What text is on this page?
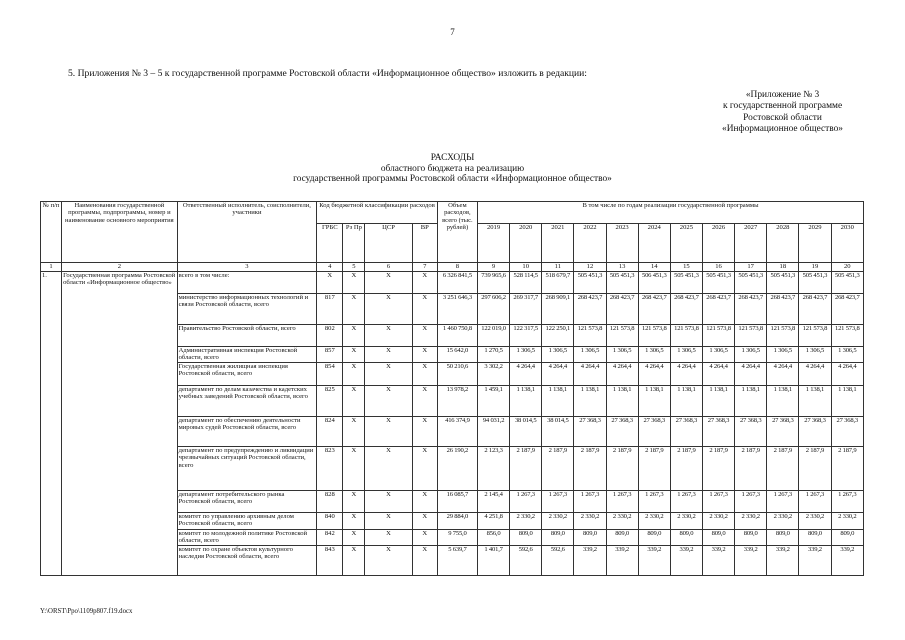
7
5. Приложения № 3 – 5 к государственной программе Ростовской области «Информационное общество» изложить в редакции:
«Приложение № 3
к государственной программе
Ростовской области
«Информационное общество»
РАСХОДЫ
областного бюджета на реализацию
государственной программы Ростовской области «Информационное общество»
№ п/п	Наименования государственной программы, подпрограммы, номер и наименование основного мероприятия	Ответственный исполнитель, соисполнители, участники	Код бюджетной классификации расходов				Объем расходов, всего (тыс. рублей)	В том числе по годам реализации государственной программы											
			ГРБС	Рз Пр	ЦСР	ВР		2019	2020	2021	2022	2023	2024	2025	2026	2027	2028	2029	2030
1	2	3	4	5	6	7	8	9	10	11	12	13	14	15	16	17	18	19	20
1.	Государственная программа Ростовской области «Информационное общество»	всего в том числе:	X	X	X	X	6 326 841,5	739 965,6	528 114,5	518 679,7	505 451,3	505 451,3	506 451,3	505 451,3	505 451,3	505 451,3	505 451,3	505 451,3	505 451,3
		министерство информационных технологий и связи Ростовской области, всего	817	X	X	X	3 251 646,3	297 606,2	269 317,7	268 909,1	268 423,7	268 423,7	268 423,7	268 423,7	268 423,7	268 423,7	268 423,7	268 423,7	268 423,7
		Правительство Ростовской области, всего	802	X	X	X	1 460 750,8	122 019,0	122 317,5	122 250,1	121 573,8	121 573,8	121 573,8	121 573,8	121 573,8	121 573,8	121 573,8	121 573,8	121 573,8
		Административная инспекция Ростовской области, всего	857	X	X	X	15 642,0	1 270,5	1 306,5	1 306,5	1 306,5	1 306,5	1 306,5	1 306,5	1 306,5	1 306,5	1 306,5	1 306,5	1 306,5
		Государственная жилищная инспекция Ростовской области, всего	854	X	X	X	50 210,6	3 302,2	4 264,4	4 264,4	4 264,4	4 264,4	4 264,4	4 264,4	4 264,4	4 264,4	4 264,4	4 264,4	4 264,4
		департамент по делам казачества и кадетских учебных заведений Ростовской области, всего	825	X	X	X	13 978,2	1 459,1	1 138,1	1 138,1	1 138,1	1 138,1	1 138,1	1 138,1	1 138,1	1 138,1	1 138,1	1 138,1	1 138,1
		департамент по обеспечению деятельности мировых судей Ростовской области, всего	824	X	X	X	416 374,9	94 031,2	38 014,5	38 014,5	27 368,3	27 368,3	27 368,3	27 368,3	27 368,3	27 368,3	27 368,3	27 368,3	27 368,3
		департамент по предупреждению и ликвидации чрезвычайных ситуаций Ростовской области, всего	823	X	X	X	26 190,2	2 123,3	2 187,9	2 187,9	2 187,9	2 187,9	2 187,9	2 187,9	2 187,9	2 187,9	2 187,9	2 187,9	2 187,9
		департамент потребительского рынка Ростовской области, всего	828	X	X	X	16 085,7	2 145,4	1 267,3	1 267,3	1 267,3	1 267,3	1 267,3	1 267,3	1 267,3	1 267,3	1 267,3	1 267,3	1 267,3
		комитет по управлению архивным делом Ростовской области, всего	840	X	X	X	29 884,0	4 251,8	2 330,2	2 330,2	2 330,2	2 330,2	2 330,2	2 330,2	2 330,2	2 330,2	2 330,2	2 330,2	2 330,2
		комитет по молодежной политике Ростовской области, всего	842	X	X	X	9 755,0	856,0	809,0	809,0	809,0	809,0	809,0	809,0	809,0	809,0	809,0	809,0	809,0
		комитет по охране объектов культурного наследия Ростовской области, всего	843	X	X	X	5 639,7	1 401,7	592,6	592,6	339,2	339,2	339,2	339,2	339,2	339,2	339,2	339,2	339,2
Y:\ORST\Ppo\1109p807.f19.docx
